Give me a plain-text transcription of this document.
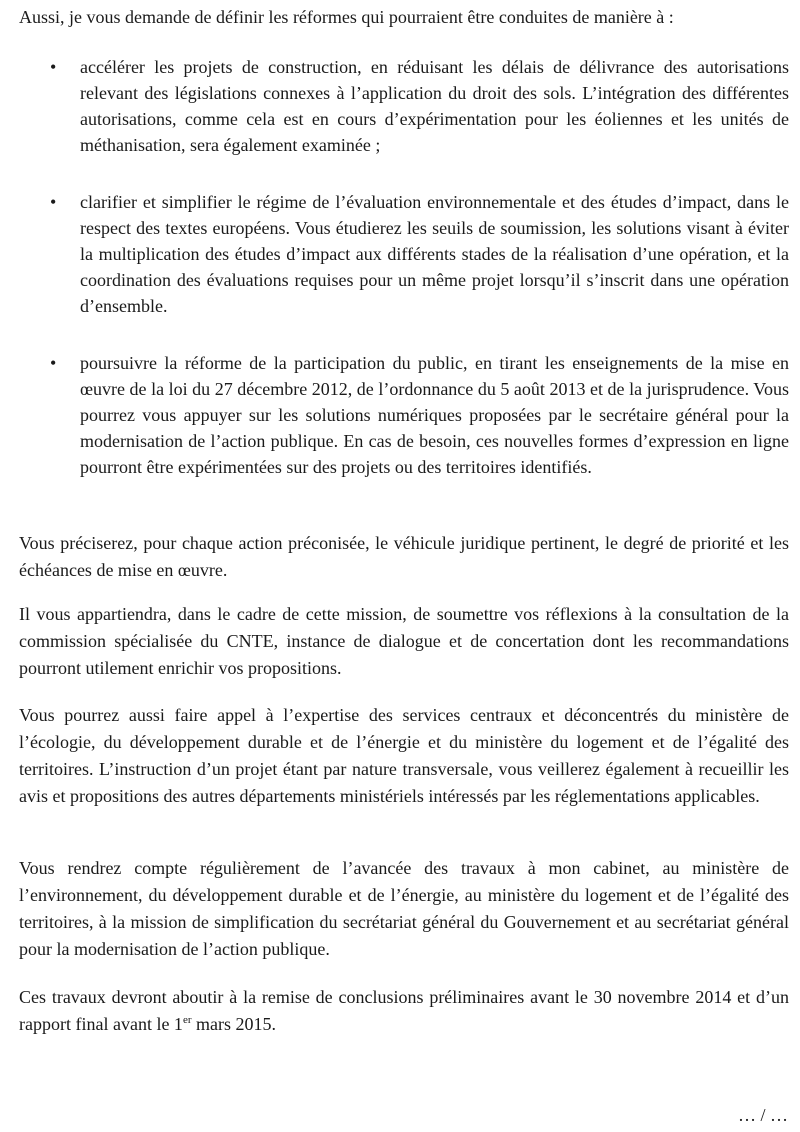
Aussi, je vous demande de définir les réformes qui pourraient être conduites de manière à :

• accélérer les projets de construction, en réduisant les délais de délivrance des autorisations relevant des législations connexes à l’application du droit des sols. L’intégration des différentes autorisations, comme cela est en cours d’expérimentation pour les éoliennes et les unités de méthanisation, sera également examinée ;
• clarifier et simplifier le régime de l’évaluation environnementale et des études d’impact, dans le respect des textes européens. Vous étudierez les seuils de soumission, les solutions visant à éviter la multiplication des études d’impact aux différents stades de la réalisation d’une opération, et la coordination des évaluations requises pour un même projet lorsqu’il s’inscrit dans une opération d’ensemble.
• poursuivre la réforme de la participation du public, en tirant les enseignements de la mise en œuvre de la loi du 27 décembre 2012, de l’ordonnance du 5 août 2013 et de la jurisprudence. Vous pourrez vous appuyer sur les solutions numériques proposées par le secrétaire général pour la modernisation de l’action publique. En cas de besoin, ces nouvelles formes d’expression en ligne pourront être expérimentées sur des projets ou des territoires identifiés.

Vous préciserez, pour chaque action préconisée, le véhicule juridique pertinent, le degré de priorité et les échéances de mise en œuvre.

Il vous appartiendra, dans le cadre de cette mission, de soumettre vos réflexions à la consultation de la commission spécialisée du CNTE, instance de dialogue et de concertation dont les recommandations pourront utilement enrichir vos propositions.

Vous pourrez aussi faire appel à l’expertise des services centraux et déconcentrés du ministère de l’écologie, du développement durable et de l’énergie et du ministère du logement et de l’égalité des territoires. L’instruction d’un projet étant par nature transversale, vous veillerez également à recueillir les avis et propositions des autres départements ministériels intéressés par les réglementations applicables.

Vous rendrez compte régulièrement de l’avancée des travaux à mon cabinet, au ministère de l’environnement, du développement durable et de l’énergie, au ministère du logement et de l’égalité des territoires, à la mission de simplification du secrétariat général du Gouvernement et au secrétariat général pour la modernisation de l’action publique.

Ces travaux devront aboutir à la remise de conclusions préliminaires avant le 30 novembre 2014 et d’un rapport final avant le 1er mars 2015.

… / …
